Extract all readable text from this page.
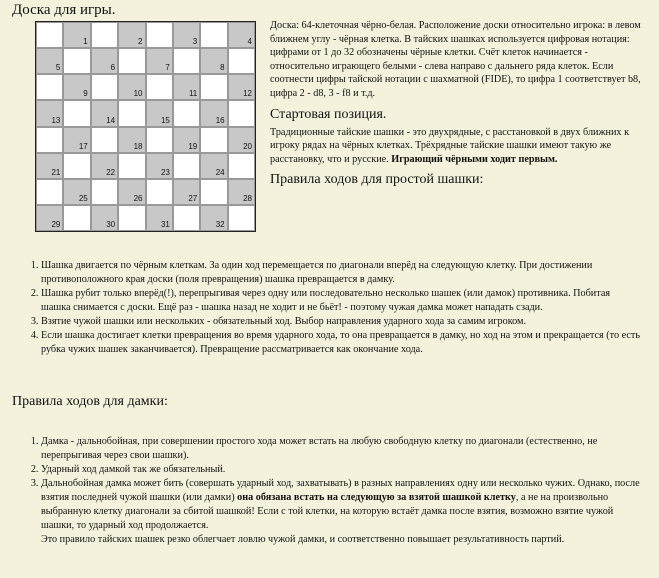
Доска для игры.
1	2	3	4
5	6	7	8
9	10	11	12
13	14	15	16
17	18	19	20
21	22	23	24
25	26	27	28
29	30	31	32

Доска: 64-клеточная чёрно-белая. Расположение доски относительно игрока: в левом ближнем углу - чёрная клетка. В тайских шашках используется цифровая нотация: цифрами от 1 до 32 обозначены чёрные клетки. Счёт клеток начинается - относительно играющего белыми - слева направо с дальнего ряда клеток. Если соотнести цифры тайской нотации с шахматной (FIDE), то цифра 1 соответствует b8, цифра 2 - d8, 3 - f8 и т.д.

Стартовая позиция.

Традиционные тайские шашки - это двухрядные, с расстановкой в двух ближних к игроку рядах на чёрных клетках. Трёхрядные тайские шашки имеют такую же расстановку, что и русские. Играющий чёрными ходит первым.

Правила ходов для простой шашки:
1. Шашка двигается по чёрным клеткам. За один ход перемещается по диагонали вперёд на следующую клетку. При достижении противоположного края доски (поля превращения) шашка превращается в дамку.
2. Шашка рубит только вперёд(!), перепрыгивая через одну или последовательно несколько шашек (или дамок) противника. Побитая шашка снимается с доски. Ещё раз - шашка назад не ходит и не бьёт! - поэтому чужая дамка может нападать сзади.
3. Взятие чужой шашки или нескольких - обязательный ход. Выбор направления ударного хода за самим игроком.
4. Если шашка достигает клетки превращения во время ударного хода, то она превращается в дамку, но ход на этом и прекращается (то есть рубка чужих шашек заканчивается). Превращение рассматривается как окончание хода.
Правила ходов для дамки:
1. Дамка - дальнобойная, при совершении простого хода может встать на любую свободную клетку по диагонали (естественно, не перепрыгивая через свои шашки).
2. Ударный ход дамкой так же обязательный.
3. Дальнобойная дамка может бить (совершать ударный ход, захватывать) в разных направлениях одну или несколько чужих. Однако, после взятия последней чужой шашки (или дамки) она обязана встать на следующую за взятой шашкой клетку, а не на произвольно выбранную клетку диагонали за сбитой шашкой! Если с той клетки, на которую встаёт дамка после взятия, возможно взятие чужой шашки, то ударный ход продолжается.
Это правило тайских шашек резко облегчает ловлю чужой дамки, и соответственно повышает результативность партий.
